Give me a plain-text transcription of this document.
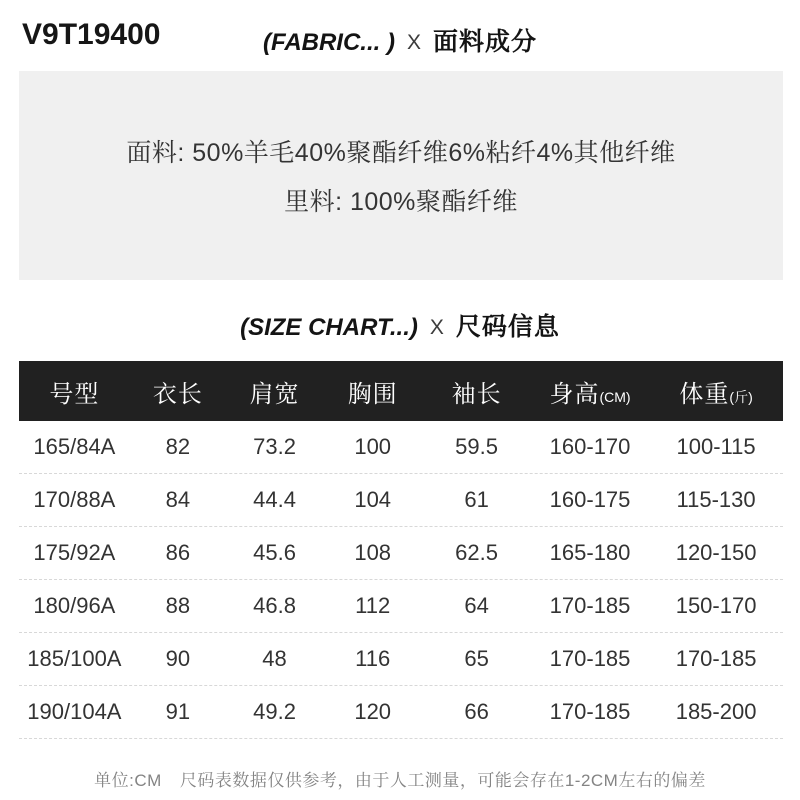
V9T19400	(FABRIC... ) X 面料成分
面料: 50%羊毛40%聚酯纤维6%粘纤4%其他纤维
里料: 100%聚酯纤维
(SIZE CHART...) X 尺码信息
号型	衣长	肩宽	胸围	袖长	身高(CM)	体重(斤)
165/84A	82	73.2	100	59.5	160-170	100-115
170/88A	84	44.4	104	61	160-175	115-130
175/92A	86	45.6	108	62.5	165-180	120-150
180/96A	88	46.8	112	64	170-185	150-170
185/100A	90	48	116	65	170-185	170-185
190/104A	91	49.2	120	66	170-185	185-200
单位:CM 尺码表数据仅供参考，由于人工测量，可能会存在1-2CM左右的偏差
